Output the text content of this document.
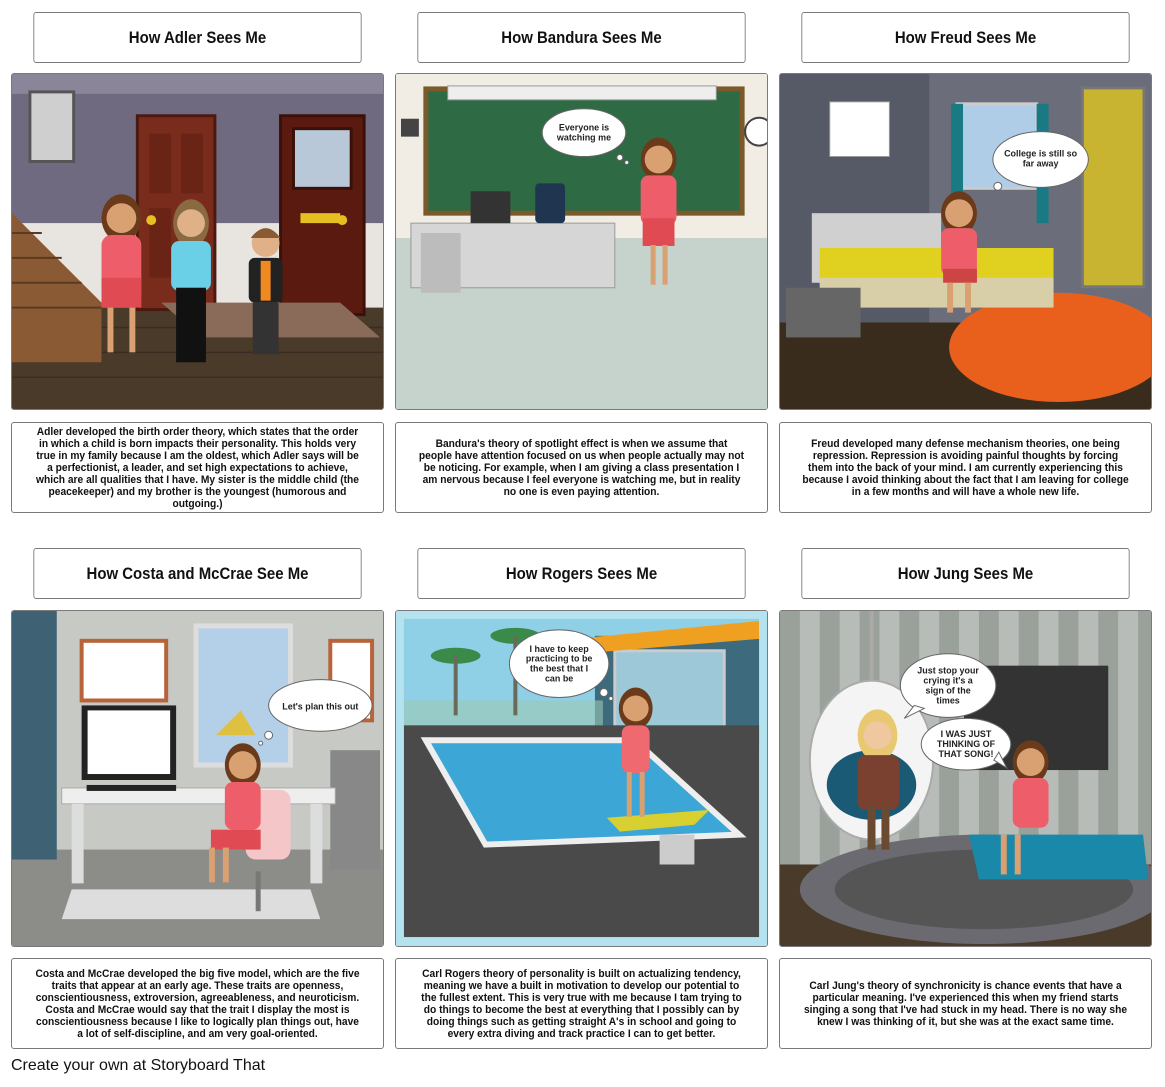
How Adler Sees Me	How Bandura Sees Me	How Freud Sees Me
Everyone is
watching me
College is still so
far away
Adler developed the birth order theory, which states that the order in which a child is born impacts their personality. This holds very true in my family because I am the oldest, which Adler says will be a perfectionist, a leader, and set high expectations to achieve, which are all qualities that I have. My sister is the middle child (the peacekeeper) and my brother is the youngest (humorous and outgoing.)
Bandura's theory of spotlight effect is when we assume that people have attention focused on us when people actually may not be noticing. For example, when I am giving a class presentation I am nervous because I feel everyone is watching me, but in reality no one is even paying attention.
Freud developed many defense mechanism theories, one being repression. Repression is avoiding painful thoughts by forcing them into the back of your mind. I am currently experiencing this because I avoid thinking about the fact that I am leaving for college in a few months and will have a whole new life.
How Costa and McCrae See Me	How Rogers Sees Me	How Jung Sees Me
Let's plan this out
I have to keep
practicing to be
the best that I
can be
Just stop your
crying it's a
sign of the
times
I WAS JUST
THINKING OF
THAT SONG!
Costa and McCrae developed the big five model, which are the five traits that appear at an early age. These traits are openness, conscientiousness, extroversion, agreeableness, and neuroticism. Costa and McCrae would say that the trait I display the most is conscientiousness because I like to logically plan things out, have a lot of self-discipline, and am very goal-oriented.
Carl Rogers theory of personality is built on actualizing tendency, meaning we have a built in motivation to develop our potential to the fullest extent. This is very true with me because I tam trying to do things to become the best at everything that I possibly can by doing things such as getting straight A's in school and going to every extra diving and track practice I can to get better.
Carl Jung's theory of synchronicity is chance events that have a particular meaning. I've experienced this when my friend starts singing a song that I've had stuck in my head. There is no way she knew I was thinking of it, but she was at the exact same time.
Create your own at Storyboard That
